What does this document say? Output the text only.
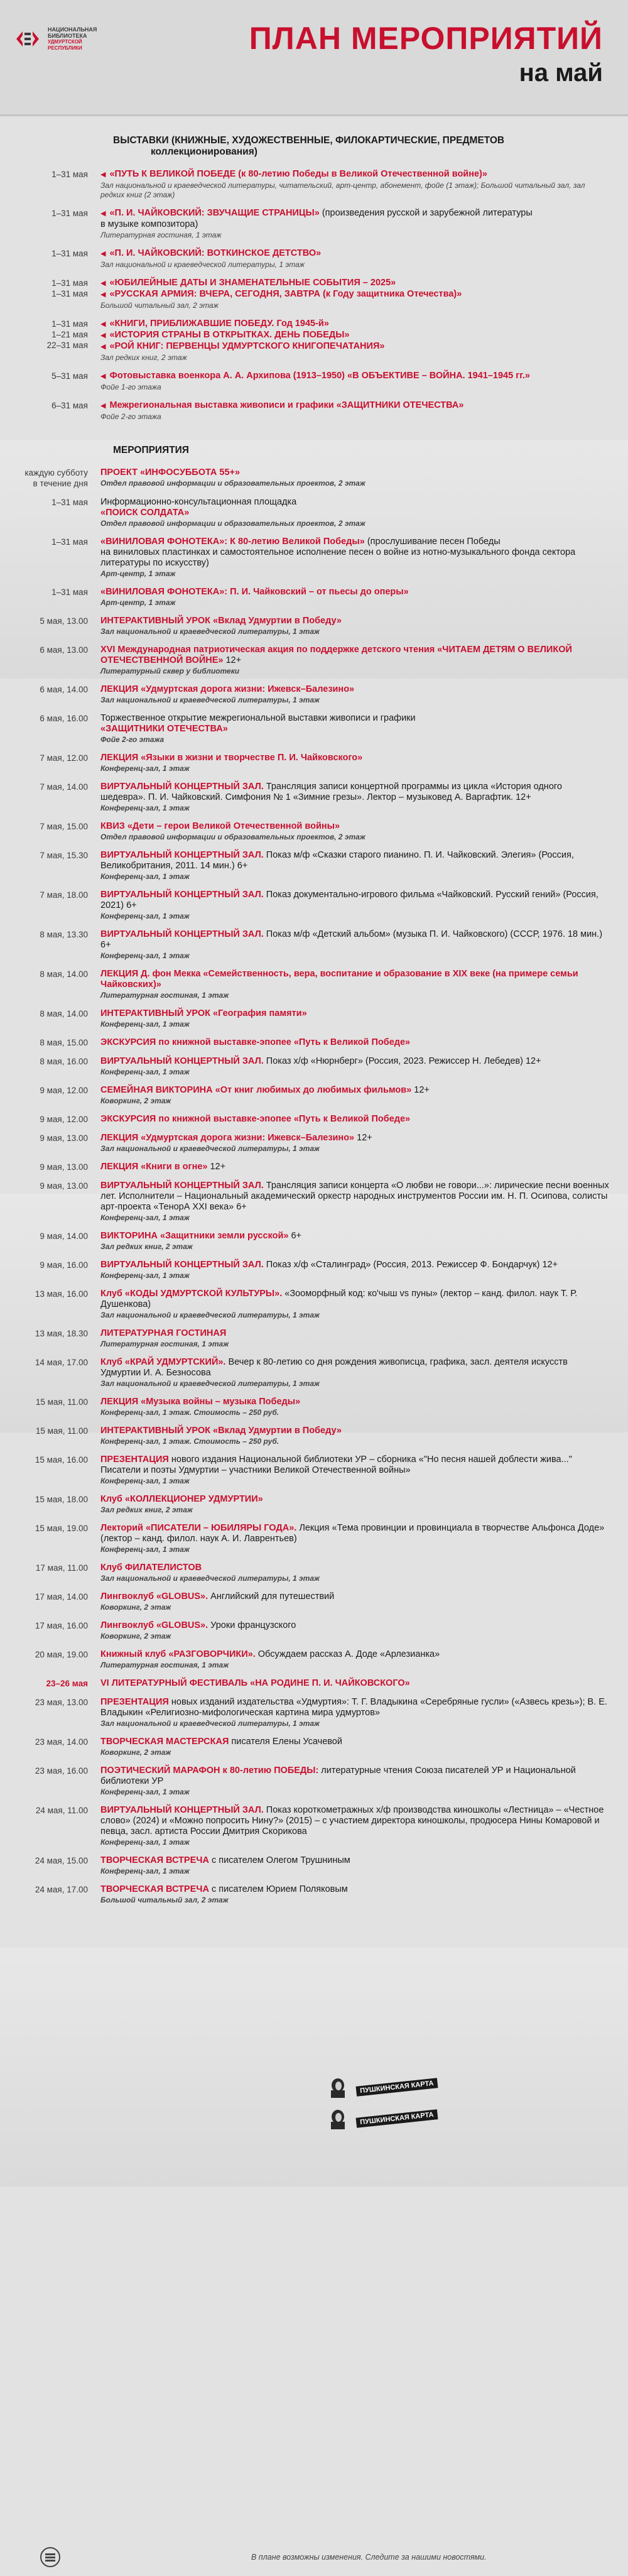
НАЦИОНАЛЬНАЯ
БИБЛИОТЕКА
УДМУРТСКОЙ
РЕСПУБЛИКИ	ПЛАН МЕРОПРИЯТИЙ
на май
ВЫСТАВКИ (КНИЖНЫЕ, ХУДОЖЕСТВЕННЫЕ, ФИЛОКАРТИЧЕСКИЕ, ПРЕДМЕТОВ
коллекционирования)
1–31 мая ◀ «ПУТЬ К ВЕЛИКОЙ ПОБЕДЕ (к 80-летию Победы в Великой Отечественной войне)»
Зал национальной и краеведческой литературы, читательский, арт-центр, абонемент, фойе (1 этаж); Большой читальный зал, зал редких книг (2 этаж)
1–31 мая ◀ «П. И. ЧАЙКОВСКИЙ: ЗВУЧАЩИЕ СТРАНИЦЫ» (произведения русской и зарубежной литературы
в музыке композитора)
Литературная гостиная, 1 этаж
1–31 мая ◀ «П. И. ЧАЙКОВСКИЙ: ВОТКИНСКОЕ ДЕТСТВО»
Зал национальной и краеведческой литературы, 1 этаж
1–31 мая
1–31 мая
◀ «ЮБИЛЕЙНЫЕ ДАТЫ И ЗНАМЕНАТЕЛЬНЫЕ СОБЫТИЯ – 2025»
◀ «РУССКАЯ АРМИЯ: ВЧЕРА, СЕГОДНЯ, ЗАВТРА (к Году защитника Отечества)»
Большой читальный зал, 2 этаж
1–31 мая
1–21 мая
22–31 мая
◀ «КНИГИ, ПРИБЛИЖАВШИЕ ПОБЕДУ. Год 1945-й»
◀ «ИСТОРИЯ СТРАНЫ В ОТКРЫТКАХ. ДЕНЬ ПОБЕДЫ»
◀ «РОЙ КНИГ: ПЕРВЕНЦЫ УДМУРТСКОГО КНИГОПЕЧАТАНИЯ»
Зал редких книг, 2 этаж
5–31 мая ◀ Фотовыставка военкора А. А. Архипова (1913–1950) «В ОБЪЕКТИВЕ – ВОЙНА. 1941–1945 гг.»
Фойе 1-го этажа
6–31 мая ◀ Межрегиональная выставка живописи и графики «ЗАЩИТНИКИ ОТЕЧЕСТВА»
Фойе 2-го этажа
МЕРОПРИЯТИЯ
каждую субботу
в течение дня
ПРОЕКТ «ИНФОСУББОТА 55+»
Отдел правовой информации и образовательных проектов, 2 этаж
1–31 мая Информационно-консультационная площадка
«ПОИСК СОЛДАТА»
Отдел правовой информации и образовательных проектов, 2 этаж
1–31 мая «ВИНИЛОВАЯ ФОНОТЕКА»: К 80-летию Великой Победы» (прослушивание песен Победы
на виниловых пластинках и самостоятельное исполнение песен о войне из нотно-музыкального фонда сектора литературы по искусству)
Арт-центр, 1 этаж
1–31 мая «ВИНИЛОВАЯ ФОНОТЕКА»: П. И. Чайковский – от пьесы до оперы»
Арт-центр, 1 этаж
5 мая, 13.00 ИНТЕРАКТИВНЫЙ УРОК «Вклад Удмуртии в Победу»
Зал национальной и краеведческой литературы, 1 этаж
6 мая, 13.00 XVI Международная патриотическая акция по поддержке детского чтения «ЧИТАЕМ ДЕТЯМ О ВЕЛИКОЙ ОТЕЧЕСТВЕННОЙ ВОЙНЕ» 12+
Литературный сквер у библиотеки
6 мая, 14.00 ЛЕКЦИЯ «Удмуртская дорога жизни: Ижевск–Балезино»
Зал национальной и краеведческой литературы, 1 этаж
6 мая, 16.00 Торжественное открытие межрегиональной выставки живописи и графики
«ЗАЩИТНИКИ ОТЕЧЕСТВА»
Фойе 2-го этажа
7 мая, 12.00 ЛЕКЦИЯ «Языки в жизни и творчестве П. И. Чайковского»
Конференц-зал, 1 этаж
7 мая, 14.00 ВИРТУАЛЬНЫЙ КОНЦЕРТНЫЙ ЗАЛ. Трансляция записи концертной программы из цикла «История одного шедевра». П. И. Чайковский. Симфония № 1 «Зимние грезы». Лектор – музыковед А. Варгафтик. 12+
Конференц-зал, 1 этаж
7 мая, 15.00 КВИЗ «Дети – герои Великой Отечественной войны»
Отдел правовой информации и образовательных проектов, 2 этаж
7 мая, 15.30 ВИРТУАЛЬНЫЙ КОНЦЕРТНЫЙ ЗАЛ. Показ м/ф «Сказки старого пианино. П. И. Чайковский. Элегия» (Россия, Великобритания, 2011. 14 мин.) 6+
Конференц-зал, 1 этаж
7 мая, 18.00 ВИРТУАЛЬНЫЙ КОНЦЕРТНЫЙ ЗАЛ. Показ документально-игрового фильма «Чайковский. Русский гений» (Россия, 2021) 6+
Конференц-зал, 1 этаж
8 мая, 13.30 ВИРТУАЛЬНЫЙ КОНЦЕРТНЫЙ ЗАЛ. Показ м/ф «Детский альбом» (музыка П. И. Чайковского) (СССР, 1976. 18 мин.) 6+
Конференц-зал, 1 этаж
8 мая, 14.00 ЛЕКЦИЯ Д. фон Мекка «Семейственность, вера, воспитание и образование в XIX веке (на примере семьи Чайковских)»
Литературная гостиная, 1 этаж
8 мая, 14.00 ИНТЕРАКТИВНЫЙ УРОК «География памяти»
Конференц-зал, 1 этаж
8 мая, 15.00 ЭКСКУРСИЯ по книжной выставке-эпопее «Путь к Великой Победе»
8 мая, 16.00 ВИРТУАЛЬНЫЙ КОНЦЕРТНЫЙ ЗАЛ. Показ х/ф «Нюрнберг» (Россия, 2023. Режиссер Н. Лебедев) 12+
Конференц-зал, 1 этаж
9 мая, 12.00 СЕМЕЙНАЯ ВИКТОРИНА «От книг любимых до любимых фильмов» 12+
Коворкинг, 2 этаж
9 мая, 12.00 ЭКСКУРСИЯ по книжной выставке-эпопее «Путь к Великой Победе»
9 мая, 13.00 ЛЕКЦИЯ «Удмуртская дорога жизни: Ижевск–Балезино» 12+
Зал национальной и краеведческой литературы, 1 этаж
9 мая, 13.00 ЛЕКЦИЯ «Книги в огне» 12+
9 мая, 13.00 ВИРТУАЛЬНЫЙ КОНЦЕРТНЫЙ ЗАЛ. Трансляция записи концерта «О любви не говори...»: лирические песни военных лет. Исполнители – Национальный академический оркестр народных инструментов России им. Н. П. Осипова, солисты арт-проекта «ТенорА XXI века» 6+
Конференц-зал, 1 этаж
9 мая, 14.00 ВИКТОРИНА «Защитники земли русской» 6+
Зал редких книг, 2 этаж
9 мая, 16.00 ВИРТУАЛЬНЫЙ КОНЦЕРТНЫЙ ЗАЛ. Показ х/ф «Сталинград» (Россия, 2013. Режиссер Ф. Бондарчук) 12+
Конференц-зал, 1 этаж
13 мая, 16.00 Клуб «КОДЫ УДМУРТСКОЙ КУЛЬТУРЫ». «Зооморфный код: ко'чыш vs пуны» (лектор – канд. филол. наук Т. Р. Душенкова)
Зал национальной и краеведческой литературы, 1 этаж
13 мая, 18.30 ЛИТЕРАТУРНАЯ ГОСТИНАЯ
Литературная гостиная, 1 этаж
14 мая, 17.00 Клуб «КРАЙ УДМУРТСКИЙ». Вечер к 80-летию со дня рождения живописца, графика, засл. деятеля искусств Удмуртии И. А. Безносова
Зал национальной и краеведческой литературы, 1 этаж
15 мая, 11.00 ЛЕКЦИЯ «Музыка войны – музыка Победы»
Конференц-зал, 1 этаж. Стоимость – 250 руб.
15 мая, 11.00 ИНТЕРАКТИВНЫЙ УРОК «Вклад Удмуртии в Победу»
Конференц-зал, 1 этаж. Стоимость – 250 руб.
15 мая, 16.00 ПРЕЗЕНТАЦИЯ нового издания Национальной библиотеки УР – сборника «"Но песня нашей доблести жива..." Писатели и поэты Удмуртии – участники Великой Отечественной войны»
Конференц-зал, 1 этаж
15 мая, 18.00 Клуб «КОЛЛЕКЦИОНЕР УДМУРТИИ»
Зал редких книг, 2 этаж
15 мая, 19.00 Лекторий «ПИСАТЕЛИ – ЮБИЛЯРЫ ГОДА». Лекция «Тема провинции и провинциала в творчестве Альфонса Доде» (лектор – канд. филол. наук А. И. Лаврентьев)
Конференц-зал, 1 этаж
17 мая, 11.00 Клуб ФИЛАТЕЛИСТОВ
Зал национальной и краеведческой литературы, 1 этаж
17 мая, 14.00 Лингвоклуб «GLOBUS». Английский для путешествий
Коворкинг, 2 этаж
17 мая, 16.00 Лингвоклуб «GLOBUS». Уроки французского
Коворкинг, 2 этаж
20 мая, 19.00 Книжный клуб «РАЗГОВОРЧИКИ». Обсуждаем рассказ А. Доде «Арлезианка»
Литературная гостиная, 1 этаж
23–26 мая VI ЛИТЕРАТУРНЫЙ ФЕСТИВАЛЬ «НА РОДИНЕ П. И. ЧАЙКОВСКОГО»
23 мая, 13.00 ПРЕЗЕНТАЦИЯ новых изданий издательства «Удмуртия»: Т. Г. Владыкина «Серебряные гусли» («Азвесь крезь»); В. Е. Владыкин «Религиозно-мифологическая картина мира удмуртов»
Зал национальной и краеведческой литературы, 1 этаж
23 мая, 14.00 ТВОРЧЕСКАЯ МАСТЕРСКАЯ писателя Елены Усачевой
Коворкинг, 2 этаж
23 мая, 16.00 ПОЭТИЧЕСКИЙ МАРАФОН к 80-летию ПОБЕДЫ: литературные чтения Союза писателей УР и Национальной библиотеки УР
Конференц-зал, 1 этаж
24 мая, 11.00 ВИРТУАЛЬНЫЙ КОНЦЕРТНЫЙ ЗАЛ. Показ короткометражных х/ф производства киношколы «Лестница» – «Честное слово» (2024) и «Можно попросить Нину?» (2015) – с участием директора киношколы, продюсера Нины Комаровой и певца, засл. артиста России Дмитрия Скорикова
Конференц-зал, 1 этаж
24 мая, 15.00 ТВОРЧЕСКАЯ ВСТРЕЧА с писателем Олегом Трушниным
Конференц-зал, 1 этаж
24 мая, 17.00 ТВОРЧЕСКАЯ ВСТРЕЧА с писателем Юрием Поляковым
Большой читальный зал, 2 этаж
ПУШКИНСКАЯ КАРТА
ПУШКИНСКАЯ КАРТА
В плане возможны изменения. Следите за нашими новостями.
